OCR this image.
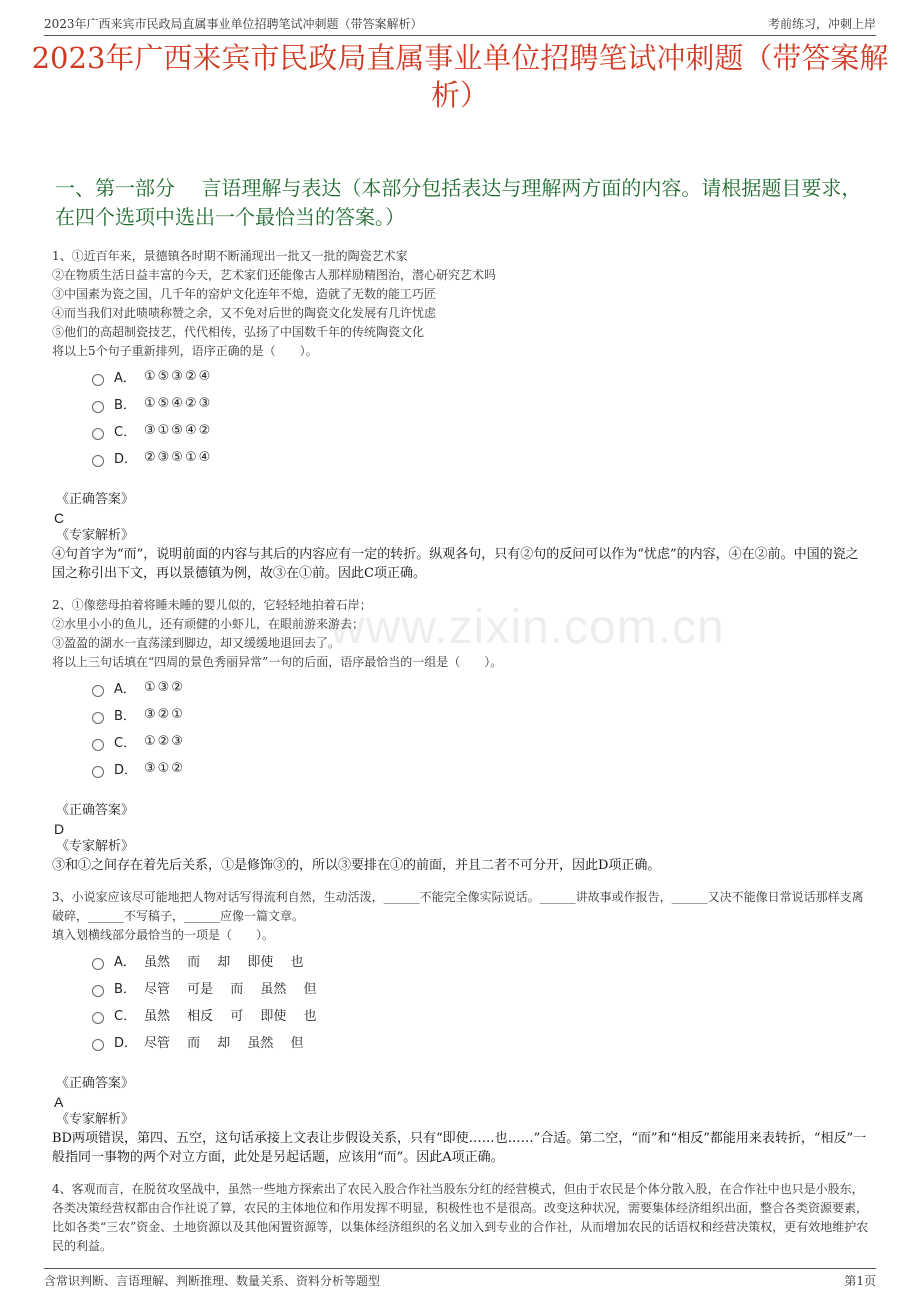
2023年广西来宾市民政局直属事业单位招聘笔试冲刺题（带答案解析）	考前练习，冲刺上岸
2023年广西来宾市民政局直属事业单位招聘笔试冲刺题（带答案解析）
一、第一部分　 言语理解与表达（本部分包括表达与理解两方面的内容。请根据题目要求，在四个选项中选出一个最恰当的答案。）
www.zixin.com.cn
1、①近百年来，景德镇各时期不断涌现出一批又一批的陶瓷艺术家
②在物质生活日益丰富的今天，艺术家们还能像古人那样励精图治，潜心研究艺术吗
③中国素为瓷之国，几千年的窑炉文化连年不熄，造就了无数的能工巧匠
④而当我们对此啧啧称赞之余，又不免对后世的陶瓷文化发展有几许忧虑
⑤他们的高超制瓷技艺，代代相传，弘扬了中国数千年的传统陶瓷文化
将以上5个句子重新排列，语序正确的是（　　）。
A． ①⑤③②④
B． ①⑤④②③
C． ③①⑤④②
D． ②③⑤①④
《正确答案》
C
《专家解析》
④句首字为“而”，说明前面的内容与其后的内容应有一定的转折。纵观各句，只有②句的反问可以作为“忧虑”的内容，④在②前。中国的瓷之国之称引出下文，再以景德镇为例，故③在①前。因此C项正确。
2、①像慈母拍着将睡未睡的婴儿似的，它轻轻地拍着石岸；
②水里小小的鱼儿，还有顽健的小虾儿，在眼前游来游去；
③盈盈的湖水一直荡漾到脚边，却又缓缓地退回去了。
将以上三句话填在“四周的景色秀丽异常”一句的后面，语序最恰当的一组是（　　）。
A． ①③②
B． ③②①
C． ①②③
D． ③①②
《正确答案》
D
《专家解析》
③和①之间存在着先后关系，①是修饰③的，所以③要排在①的前面，并且二者不可分开，因此D项正确。
3、小说家应该尽可能地把人物对话写得流利自然，生动活泼，______不能完全像实际说话。______讲故事或作报告，______又决不能像日常说话那样支离破碎，______不写稿子，______应像一篇文章。
填入划横线部分最恰当的一项是（　　）。
A． 虽然　 而　 却　 即使　 也
B． 尽管　 可是　 而　 虽然　 但
C． 虽然　 相反　 可　 即使　 也
D． 尽管　 而　 却　 虽然　 但
《正确答案》
A
《专家解析》
BD两项错误，第四、五空，这句话承接上文表让步假设关系，只有“即使……也……”合适。第二空，“而”和“相反”都能用来表转折，“相反”一般指同一事物的两个对立方面，此处是另起话题，应该用“而”。因此A项正确。
4、客观而言，在脱贫攻坚战中，虽然一些地方探索出了农民入股合作社当股东分红的经营模式，但由于农民是个体分散入股，在合作社中也只是小股东，各类决策经营权都由合作社说了算，农民的主体地位和作用发挥不明显，积极性也不是很高。改变这种状况，需要集体经济组织出面，整合各类资源要素，比如各类“三农”资金、土地资源以及其他闲置资源等，以集体经济组织的名义加入到专业的合作社，从而增加农民的话语权和经营决策权，更有效地维护农民的利益。
含常识判断、言语理解、判断推理、数量关系、资料分析等题型	第1页
